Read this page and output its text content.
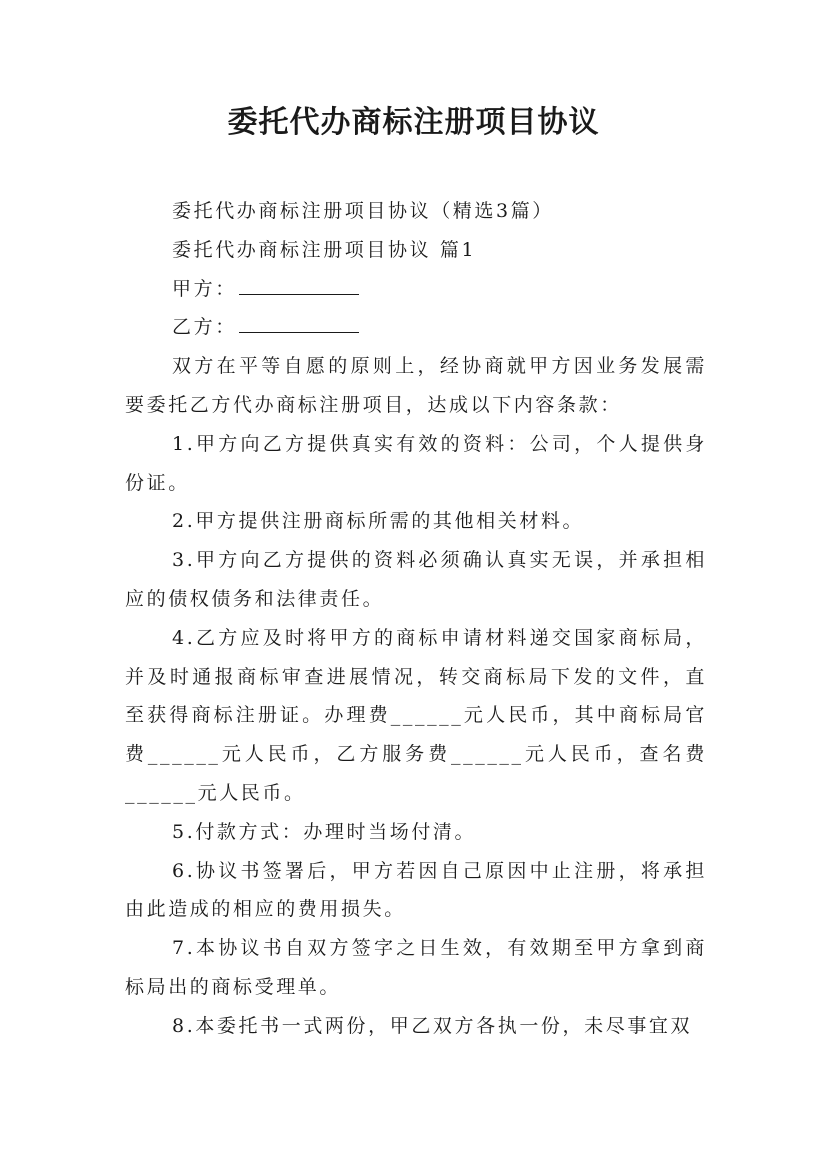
委托代办商标注册项目协议

委托代办商标注册项目协议（精选3篇）

委托代办商标注册项目协议 篇1

甲方：

乙方：

双方在平等自愿的原则上，经协商就甲方因业务发展需要委托乙方代办商标注册项目，达成以下内容条款：

1.甲方向乙方提供真实有效的资料：公司，个人提供身份证。

2.甲方提供注册商标所需的其他相关材料。

3.甲方向乙方提供的资料必须确认真实无误，并承担相应的债权债务和法律责任。

4.乙方应及时将甲方的商标申请材料递交国家商标局，并及时通报商标审查进展情况，转交商标局下发的文件，直至获得商标注册证。办理费______元人民币，其中商标局官费______元人民币，乙方服务费______元人民币，查名费______元人民币。

5.付款方式：办理时当场付清。

6.协议书签署后，甲方若因自己原因中止注册，将承担由此造成的相应的费用损失。

7.本协议书自双方签字之日生效，有效期至甲方拿到商标局出的商标受理单。

8.本委托书一式两份，甲乙双方各执一份，未尽事宜双
